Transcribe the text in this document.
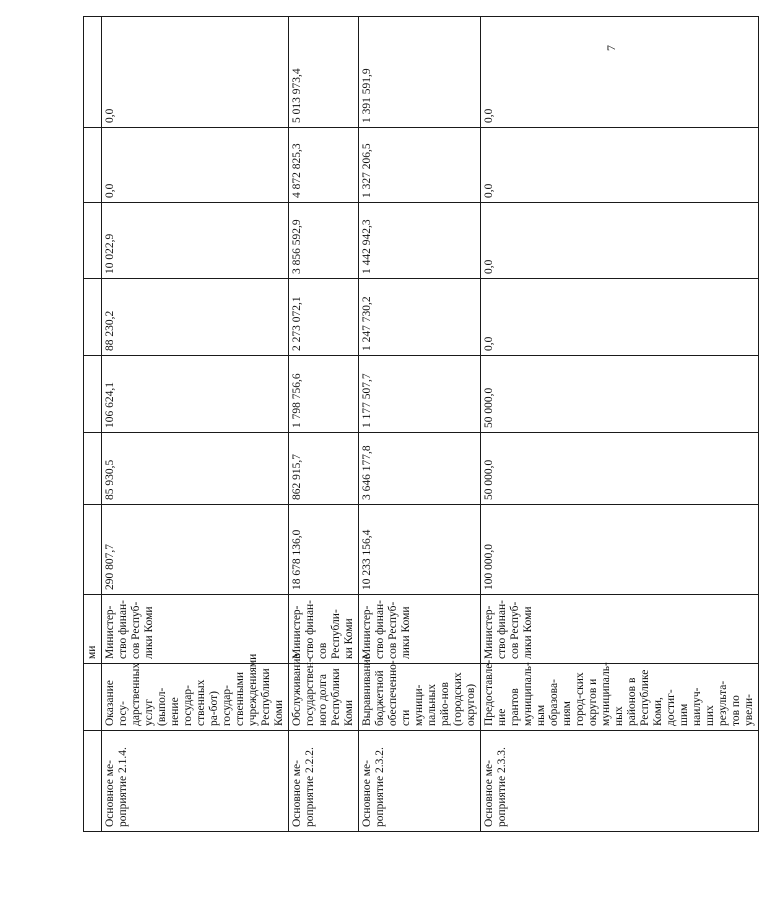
7
		ми							
Основное ме-роприятие 2.1.4.	Оказание госу-дарственных услуг (выпол-нение государ-ственных ра-бот) государ-ственными учреждениями Республики Коми	Министер-ство финан-сов Респуб-лики Коми	290 807,7	85 930,5	106 624,1	88 230,2	10 022,9	0,0	0,0
Основное ме-роприятие 2.2.2.	Обслуживание государствен-ного долга Республики Коми	Министер-ство финан-сов Республи-ки Коми	18 678 136,0	862 915,7	1 798 756,6	2 273 072,1	3 856 592,9	4 872 825,3	5 013 973,4
Основное ме-роприятие 2.3.2.	Выравнивание бюджетной обеспеченно-сти муници-пальных райо-нов (городских округов)	Министер-ство финан-сов Респуб-лики Коми	10 233 156,4	3 646 177,8	1 177 507,7	1 247 730,2	1 442 942,3	1 327 206,5	1 391 591,9
Основное ме-роприятие 2.3.3.	Предоставле-ние грантов муниципаль-ным образова-ниям город-ских округов и муниципаль-ных районов в Республике Коми, достиг-шим наилуч-ших результа-тов по увели-	Министер-ство финан-сов Респуб-лики Коми	100 000,0	50 000,0	50 000,0	0,0	0,0	0,0	0,0
